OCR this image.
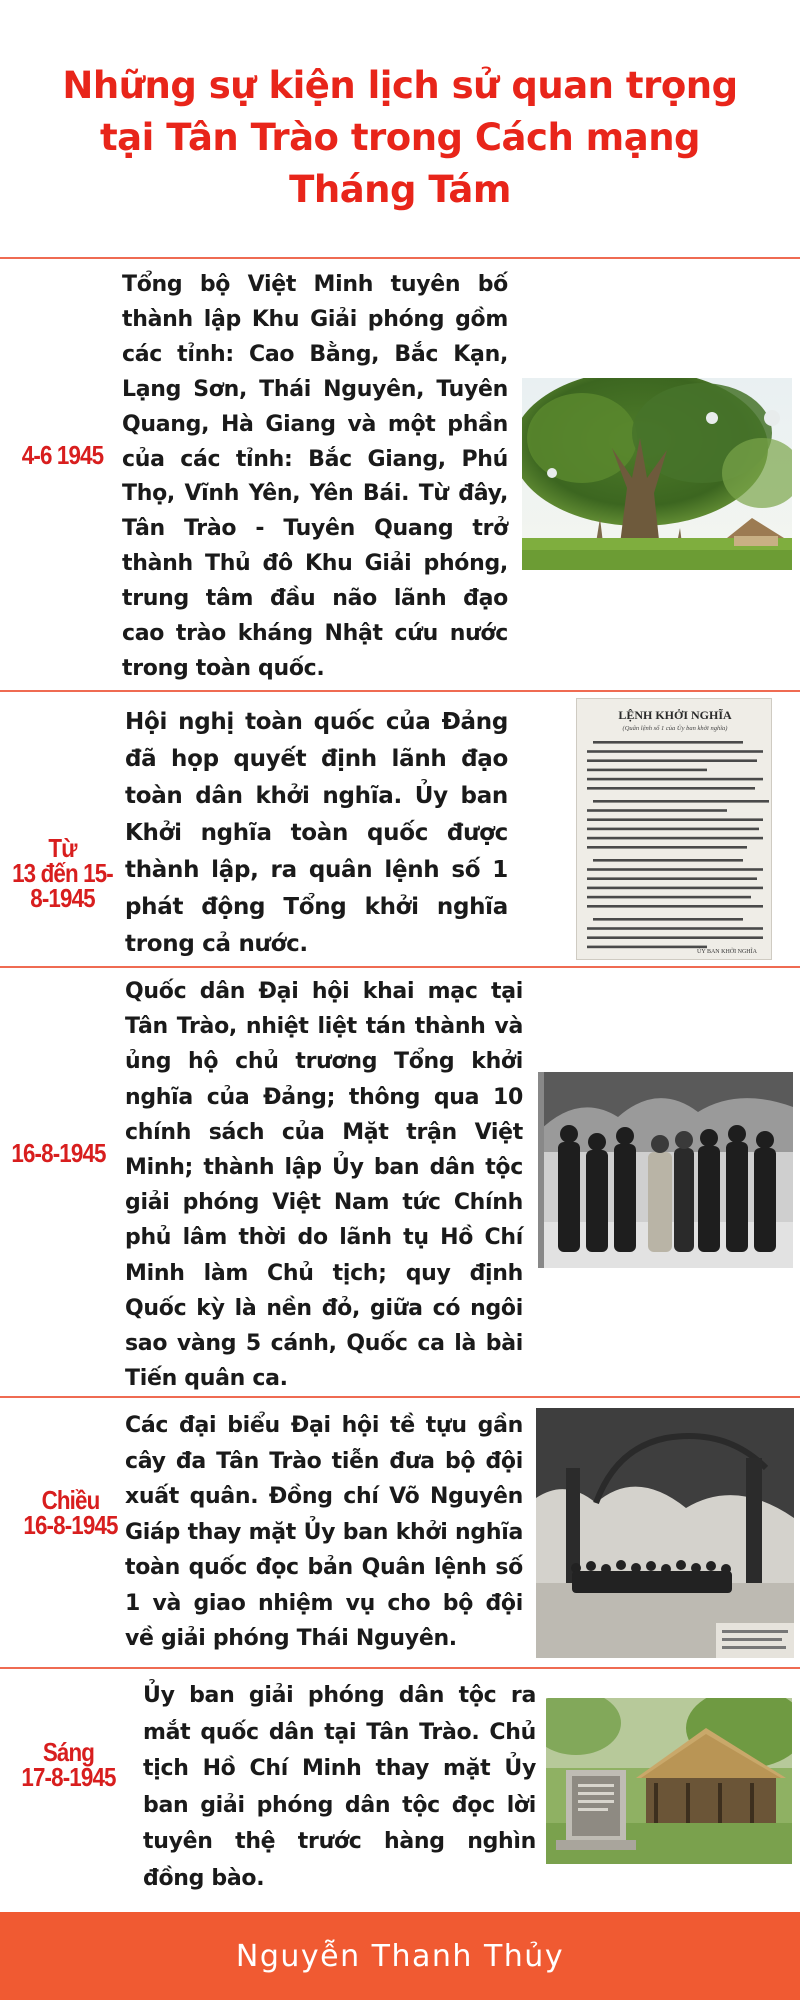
Những sự kiện lịch sử quan trọng
tại Tân Trào trong Cách mạng
Tháng Tám
4-6 1945
Tổng bộ Việt Minh tuyên bố thành lập Khu Giải phóng gồm các tỉnh: Cao Bằng, Bắc Kạn, Lạng Sơn, Thái Nguyên, Tuyên Quang, Hà Giang và một phần của các tỉnh: Bắc Giang, Phú Thọ, Vĩnh Yên, Yên Bái. Từ đây, Tân Trào - Tuyên Quang trở thành Thủ đô Khu Giải phóng, trung tâm đầu não lãnh đạo cao trào kháng Nhật cứu nước trong toàn quốc.
Từ
13 đến 15-
8-1945
Hội nghị toàn quốc của Đảng đã họp quyết định lãnh đạo toàn dân khởi nghĩa. Ủy ban Khởi nghĩa toàn quốc được thành lập, ra quân lệnh số 1 phát động Tổng khởi nghĩa trong cả nước.
LỆNH KHỞI NGHĨA
(Quân lệnh số 1 của Ủy ban khởi nghĩa)
ỦY BAN KHỞI NGHĨA
16-8-1945
Quốc dân Đại hội khai mạc tại Tân Trào, nhiệt liệt tán thành và ủng hộ chủ trương Tổng khởi nghĩa của Đảng; thông qua 10 chính sách của Mặt trận Việt Minh; thành lập Ủy ban dân tộc giải phóng Việt Nam tức Chính phủ lâm thời do lãnh tụ Hồ Chí Minh làm Chủ tịch; quy định Quốc kỳ là nền đỏ, giữa có ngôi sao vàng 5 cánh, Quốc ca là bài Tiến quân ca.
Chiều
16-8-1945
Các đại biểu Đại hội tề tựu gần cây đa Tân Trào tiễn đưa bộ đội xuất quân. Đồng chí Võ Nguyên Giáp thay mặt Ủy ban khởi nghĩa toàn quốc đọc bản Quân lệnh số 1 và giao nhiệm vụ cho bộ đội về giải phóng Thái Nguyên.
Sáng
17-8-1945
Ủy ban giải phóng dân tộc ra mắt quốc dân tại Tân Trào. Chủ tịch Hồ Chí Minh thay mặt Ủy ban giải phóng dân tộc đọc lời tuyên thệ trước hàng nghìn đồng bào.
Nguyễn Thanh Thủy
